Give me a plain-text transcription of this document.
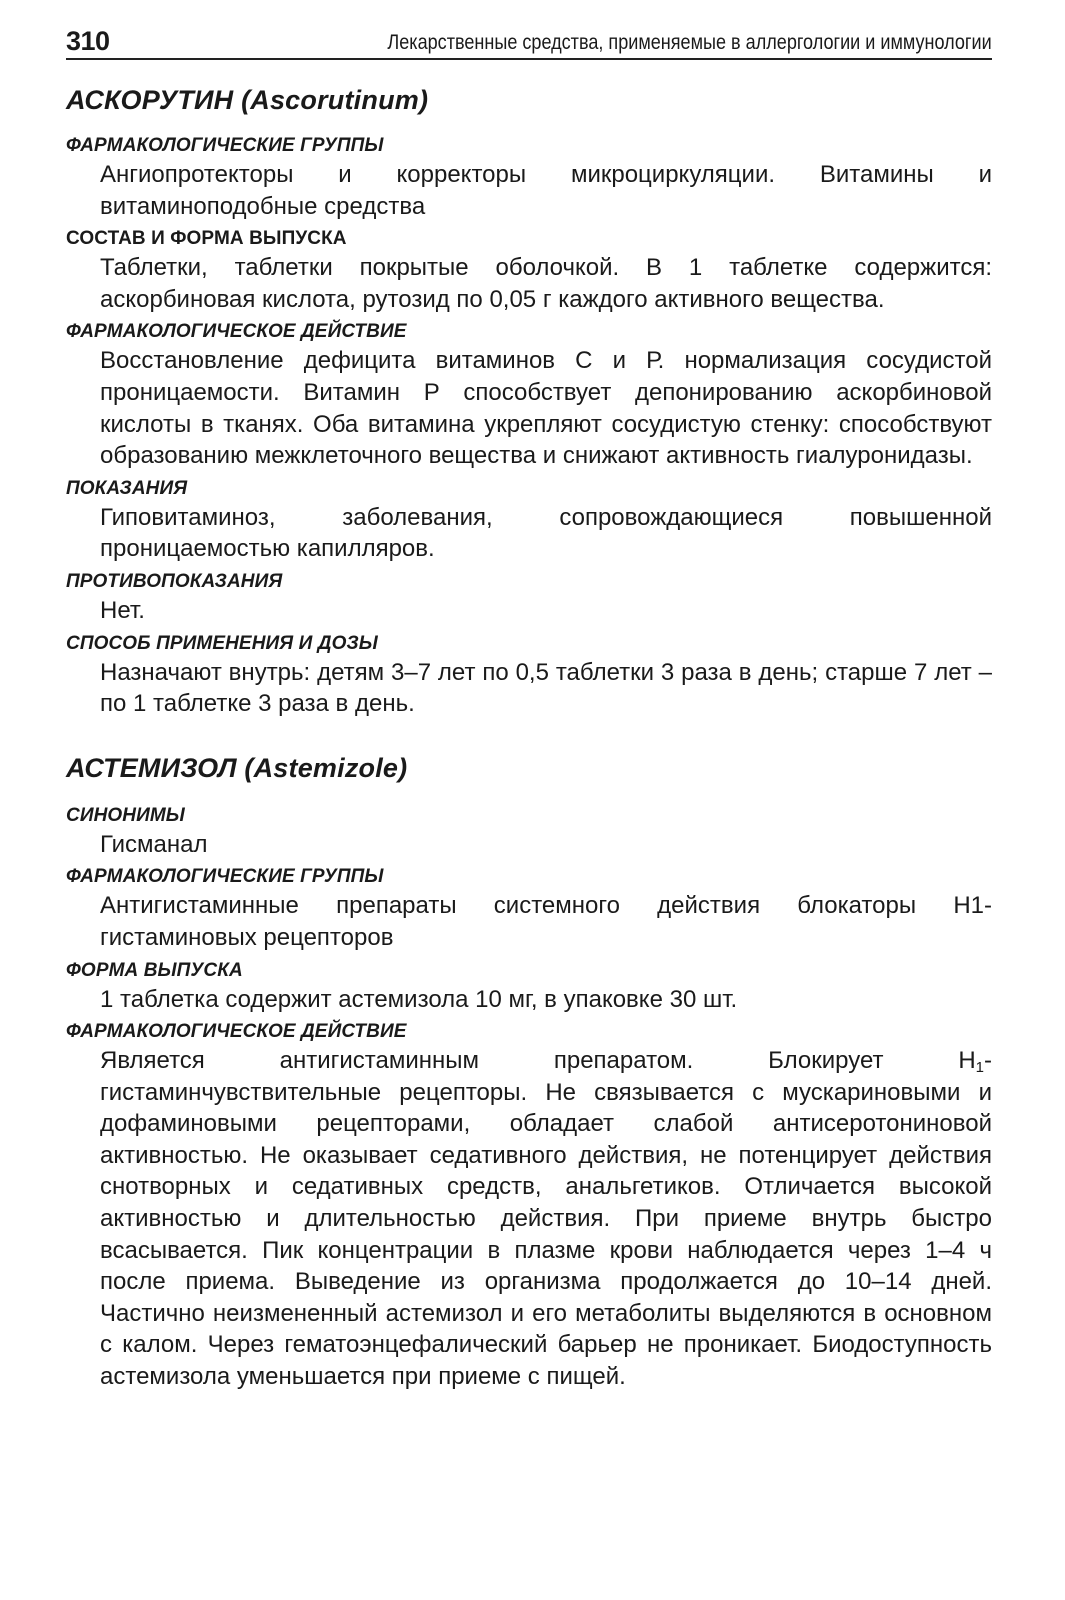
310	Лекарственные средства, применяемые в аллергологии и иммунологии
АСКОРУТИН (Ascorutinum)
ФАРМАКОЛОГИЧЕСКИЕ ГРУППЫ

Ангиопротекторы и корректоры микроциркуляции. Витамины и витаминоподобные средства

СОСТАВ И ФОРМА ВЫПУСКА

Таблетки, таблетки покрытые оболочкой. В 1 таблетке содержится: аскорбиновая кислота, рутозид по 0,05 г каждого активного вещества.

ФАРМАКОЛОГИЧЕСКОЕ ДЕЙСТВИЕ

Восстановление дефицита витаминов С и Р. нормализация сосудистой проницаемости. Витамин Р способствует депонированию аскорбиновой кислоты в тканях. Оба витамина укрепляют сосудистую стенку: способствуют образованию межклеточного вещества и снижают активность гиалуронидазы.

ПОКАЗАНИЯ

Гиповитаминоз, заболевания, сопровождающиеся повышенной проницаемостью капилляров.

ПРОТИВОПОКАЗАНИЯ

Нет.

СПОСОБ ПРИМЕНЕНИЯ И ДОЗЫ

Назначают внутрь: детям 3–7 лет по 0,5 таблетки 3 раза в день; старше 7 лет – по 1 таблетке 3 раза в день.

АСТЕМИЗОЛ (Astemizole)
СИНОНИМЫ

Гисманал

ФАРМАКОЛОГИЧЕСКИЕ ГРУППЫ

Антигистаминные препараты системного действия блокаторы Н1-гистаминовых рецепторов

ФОРМА ВЫПУСКА

1 таблетка содержит астемизола 10 мг, в упаковке 30 шт.

ФАРМАКОЛОГИЧЕСКОЕ ДЕЙСТВИЕ

Является антигистаминным препаратом. Блокирует $Н_1$-гистаминчувствительные рецепторы. Не связывается с мускариновыми и дофаминовыми рецепторами, обладает слабой антисеротониновой активностью. Не оказывает седативного действия, не потенцирует действия снотворных и седативных средств, анальгетиков. Отличается высокой активностью и длительностью действия. При приеме внутрь быстро всасывается. Пик концентрации в плазме крови наблюдается через 1–4 ч после приема. Выведение из организма продолжается до 10–14 дней. Частично неизмененный астемизол и его метаболиты выделяются в основном с калом. Через гематоэнцефалический барьер не проникает. Биодоступность астемизола уменьшается при приеме с пищей.
